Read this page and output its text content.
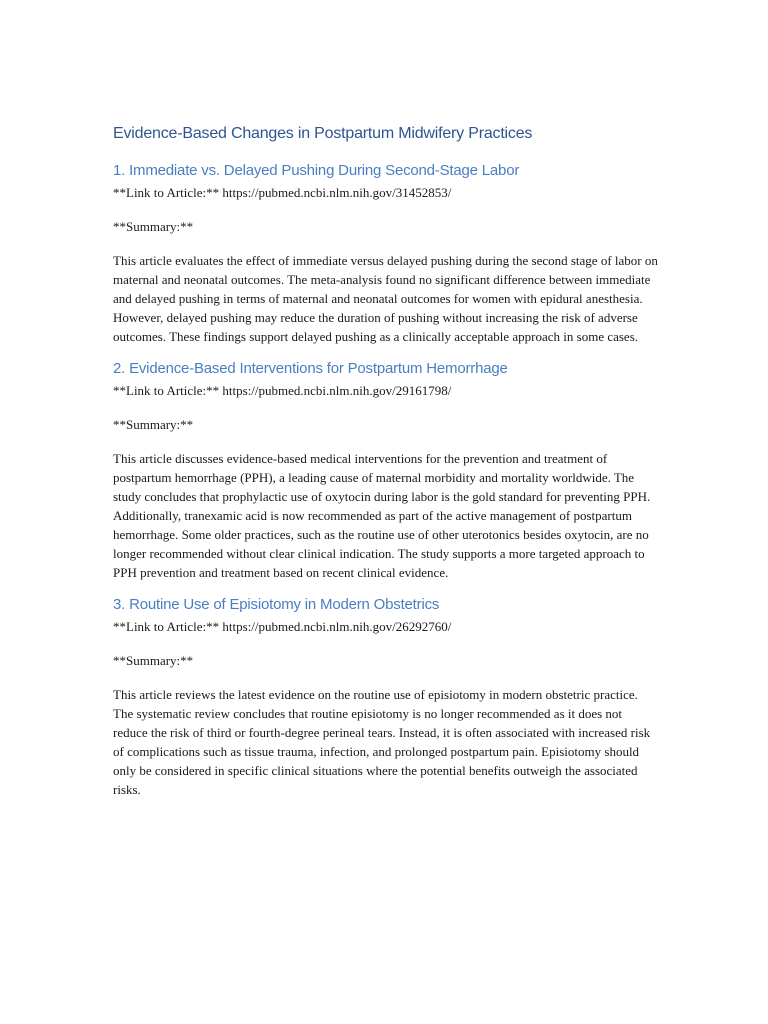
Evidence-Based Changes in Postpartum Midwifery Practices
1. Immediate vs. Delayed Pushing During Second-Stage Labor

**Link to Article:** https://pubmed.ncbi.nlm.nih.gov/31452853/

**Summary:**

This article evaluates the effect of immediate versus delayed pushing during the second stage of labor on maternal and neonatal outcomes. The meta-analysis found no significant difference between immediate and delayed pushing in terms of maternal and neonatal outcomes for women with epidural anesthesia. However, delayed pushing may reduce the duration of pushing without increasing the risk of adverse outcomes. These findings support delayed pushing as a clinically acceptable approach in some cases.

2. Evidence-Based Interventions for Postpartum Hemorrhage

**Link to Article:** https://pubmed.ncbi.nlm.nih.gov/29161798/

**Summary:**

This article discusses evidence-based medical interventions for the prevention and treatment of postpartum hemorrhage (PPH), a leading cause of maternal morbidity and mortality worldwide. The study concludes that prophylactic use of oxytocin during labor is the gold standard for preventing PPH. Additionally, tranexamic acid is now recommended as part of the active management of postpartum hemorrhage. Some older practices, such as the routine use of other uterotonics besides oxytocin, are no longer recommended without clear clinical indication. The study supports a more targeted approach to PPH prevention and treatment based on recent clinical evidence.

3. Routine Use of Episiotomy in Modern Obstetrics

**Link to Article:** https://pubmed.ncbi.nlm.nih.gov/26292760/

**Summary:**

This article reviews the latest evidence on the routine use of episiotomy in modern obstetric practice. The systematic review concludes that routine episiotomy is no longer recommended as it does not reduce the risk of third or fourth-degree perineal tears. Instead, it is often associated with increased risk of complications such as tissue trauma, infection, and prolonged postpartum pain. Episiotomy should only be considered in specific clinical situations where the potential benefits outweigh the associated risks.
